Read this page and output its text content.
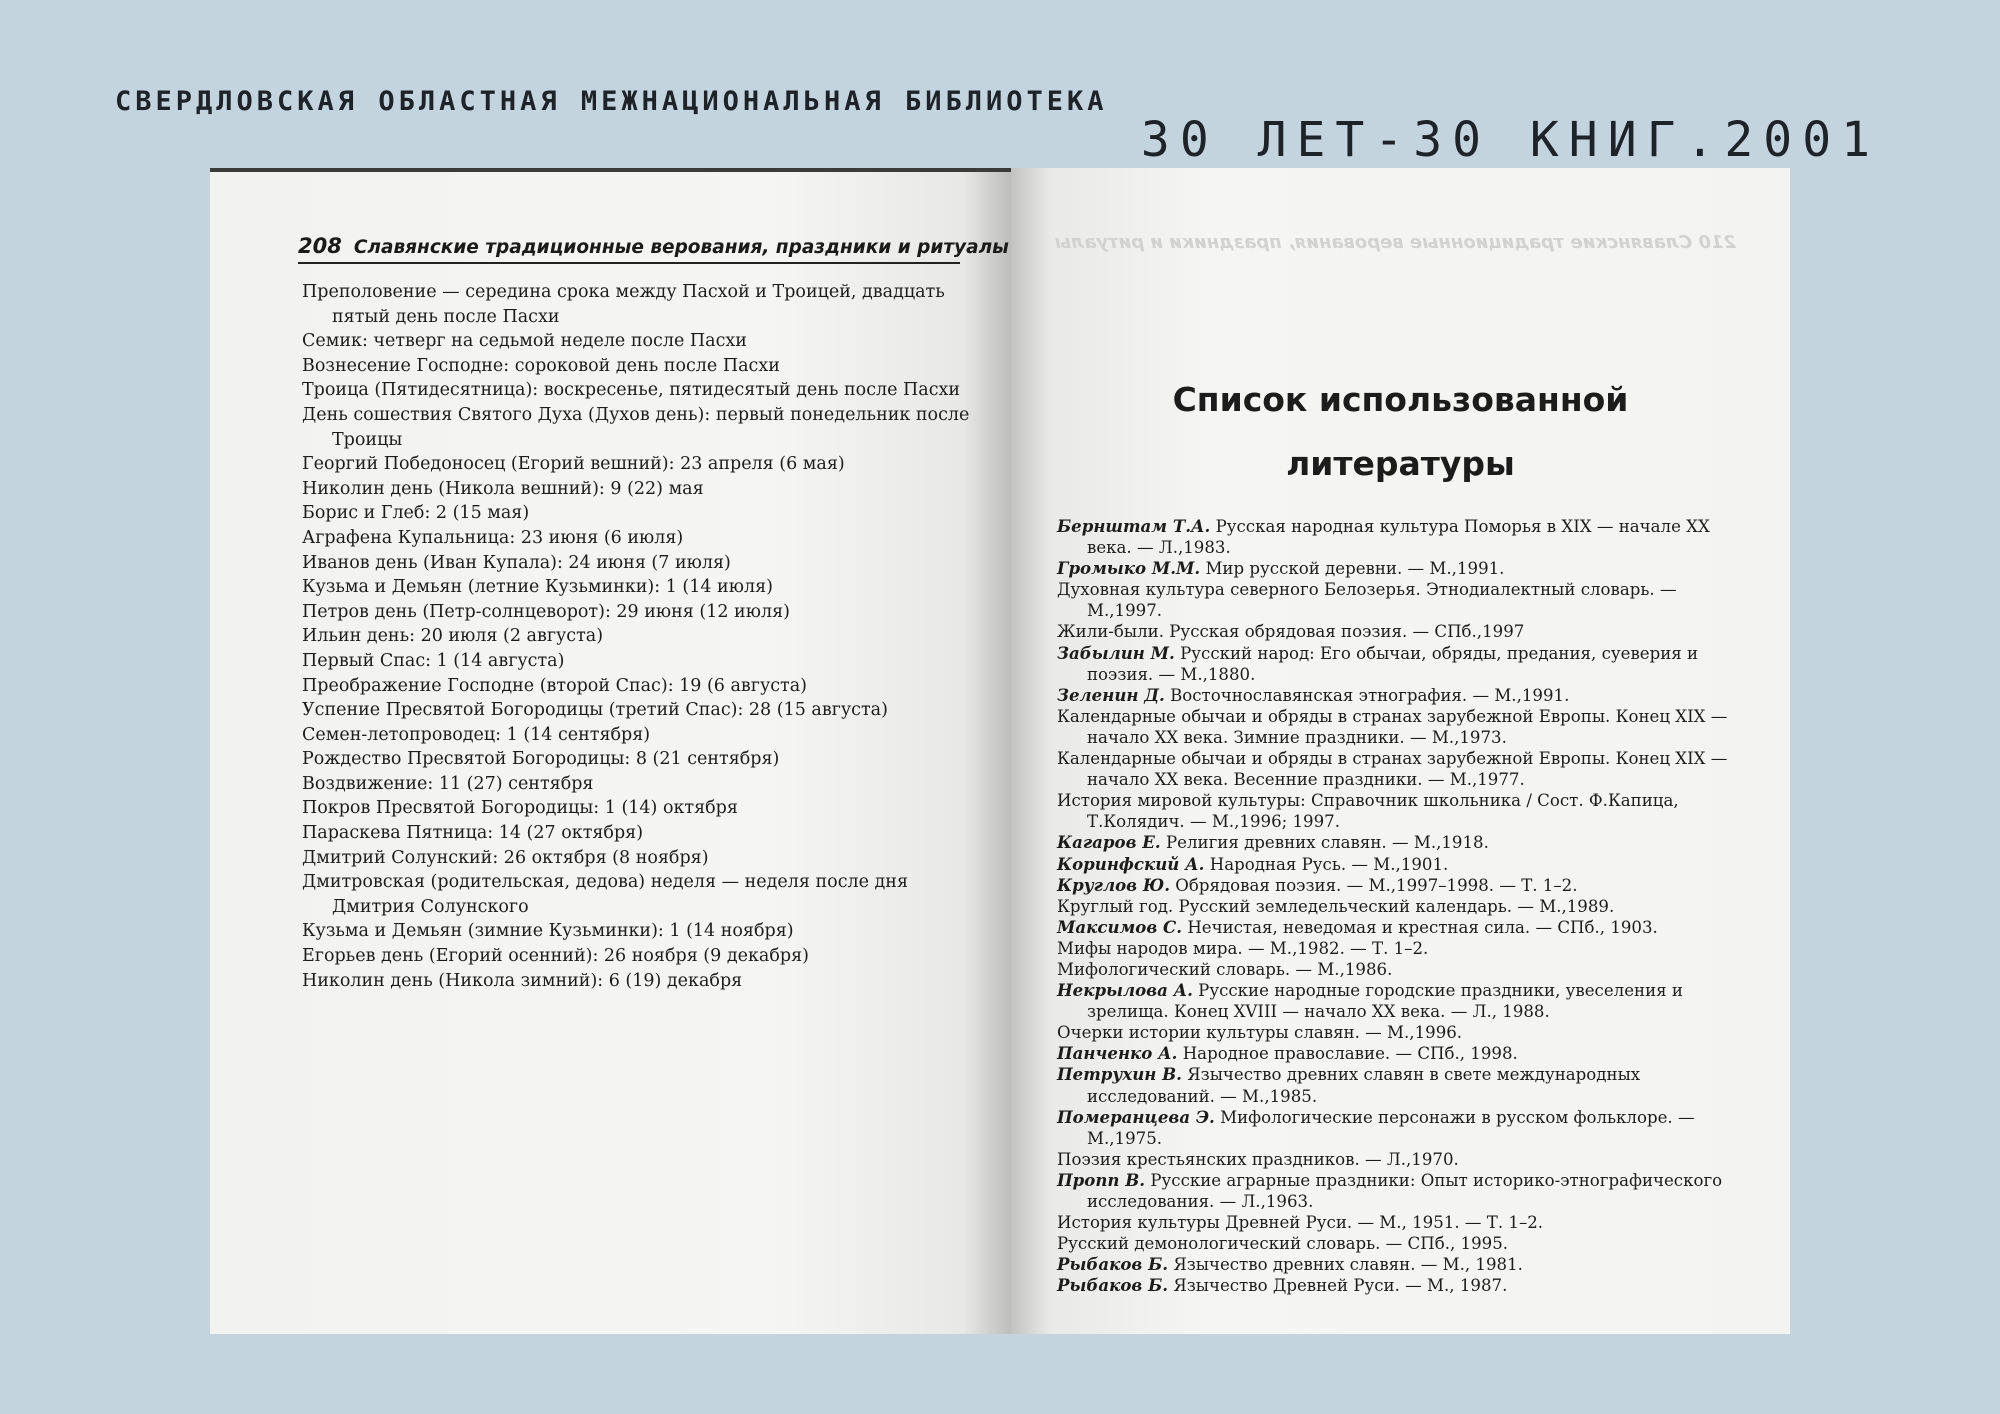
СВЕРДЛОВСКАЯ ОБЛАСТНАЯ МЕЖНАЦИОНАЛЬНАЯ БИБЛИОТЕКА
30 ЛЕТ-30 КНИГ.2001
208 Славянские традиционные верования, праздники и ритуалы
Преполовение — середина срока между Пасхой и Троицей, двадцать пятый день после Пасхи
Семик: четверг на седьмой неделе после Пасхи
Вознесение Господне: сороковой день после Пасхи
Троица (Пятидесятница): воскресенье, пятидесятый день после Пасхи
День сошествия Святого Духа (Духов день): первый понедельник после Троицы
Георгий Победоносец (Егорий вешний): 23 апреля (6 мая)
Николин день (Никола вешний): 9 (22) мая
Борис и Глеб: 2 (15 мая)
Аграфена Купальница: 23 июня (6 июля)
Иванов день (Иван Купала): 24 июня (7 июля)
Кузьма и Демьян (летние Кузьминки): 1 (14 июля)
Петров день (Петр-солнцеворот): 29 июня (12 июля)
Ильин день: 20 июля (2 августа)
Первый Спас: 1 (14 августа)
Преображение Господне (второй Спас): 19 (6 августа)
Успение Пресвятой Богородицы (третий Спас): 28 (15 августа)
Семен-летопроводец: 1 (14 сентября)
Рождество Пресвятой Богородицы: 8 (21 сентября)
Воздвижение: 11 (27) сентября
Покров Пресвятой Богородицы: 1 (14) октября
Параскева Пятница: 14 (27 октября)
Дмитрий Солунский: 26 октября (8 ноября)
Дмитровская (родительская, дедова) неделя — неделя после дня Дмитрия Солунского
Кузьма и Демьян (зимние Кузьминки): 1 (14 ноября)
Егорьев день (Егорий осенний): 26 ноября (9 декабря)
Николин день (Никола зимний): 6 (19) декабря
210 Славянские традиционные верования, праздники и ритуалы
Список использованной
литературы
Бернштам Т.А. Русская народная культура Поморья в XIX — начале XX века. — Л.,1983.
Громыко М.М. Мир русской деревни. — М.,1991.
Духовная культура северного Белозерья. Этнодиалектный словарь. — М.,1997.
Жили-были. Русская обрядовая поэзия. — СПб.,1997
Забылин М. Русский народ: Его обычаи, обряды, предания, суеверия и поэзия. — М.,1880.
Зеленин Д. Восточнославянская этнография. — М.,1991.
Календарные обычаи и обряды в странах зарубежной Европы. Конец XIX — начало XX века. Зимние праздники. — М.,1973.
Календарные обычаи и обряды в странах зарубежной Европы. Конец XIX — начало XX века. Весенние праздники. — М.,1977.
История мировой культуры: Справочник школьника / Сост. Ф.Капица, Т.Колядич. — М.,1996; 1997.
Кагаров Е. Религия древних славян. — М.,1918.
Коринфский А. Народная Русь. — М.,1901.
Круглов Ю. Обрядовая поэзия. — М.,1997–1998. — Т. 1–2.
Круглый год. Русский земледельческий календарь. — М.,1989.
Максимов С. Нечистая, неведомая и крестная сила. — СПб., 1903.
Мифы народов мира. — М.,1982. — Т. 1–2.
Мифологический словарь. — М.,1986.
Некрылова А. Русские народные городские праздники, увеселения и зрелища. Конец XVIII — начало XX века. — Л., 1988.
Очерки истории культуры славян. — М.,1996.
Панченко А. Народное православие. — СПб., 1998.
Петрухин В. Язычество древних славян в свете международных исследований. — М.,1985.
Померанцева Э. Мифологические персонажи в русском фольклоре. — М.,1975.
Поэзия крестьянских праздников. — Л.,1970.
Пропп В. Русские аграрные праздники: Опыт историко-этнографического исследования. — Л.,1963.
История культуры Древней Руси. — М., 1951. — Т. 1–2.
Русский демонологический словарь. — СПб., 1995.
Рыбаков Б. Язычество древних славян. — М., 1981.
Рыбаков Б. Язычество Древней Руси. — М., 1987.
